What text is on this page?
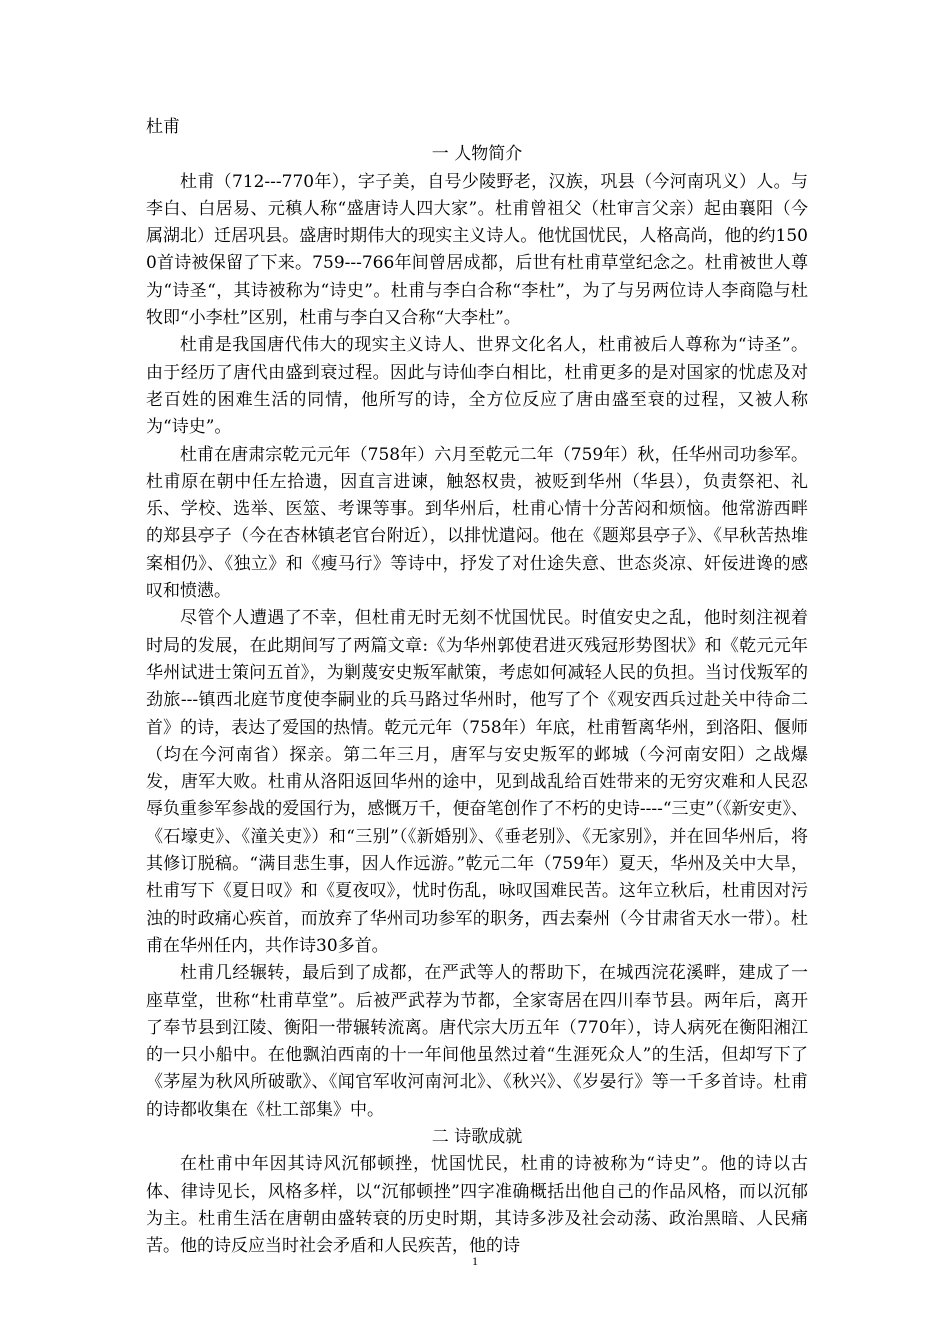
杜甫

一 人物简介

杜甫（712---770年），字子美，自号少陵野老，汉族，巩县（今河南巩义）人。与李白、白居易、元稹人称“盛唐诗人四大家”。杜甫曾祖父（杜审言父亲）起由襄阳（今属湖北）迁居巩县。盛唐时期伟大的现实主义诗人。他忧国忧民，人格高尚，他的约1500首诗被保留了下来。759---766年间曾居成都，后世有杜甫草堂纪念之。杜甫被世人尊为“诗圣“，其诗被称为“诗史”。杜甫与李白合称“李杜”，为了与另两位诗人李商隐与杜牧即“小李杜”区别，杜甫与李白又合称“大李杜”。

杜甫是我国唐代伟大的现实主义诗人、世界文化名人，杜甫被后人尊称为“诗圣”。由于经历了唐代由盛到衰过程。因此与诗仙李白相比，杜甫更多的是对国家的忧虑及对老百姓的困难生活的同情，他所写的诗，全方位反应了唐由盛至衰的过程，又被人称为“诗史”。

杜甫在唐肃宗乾元元年（758年）六月至乾元二年（759年）秋，任华州司功参军。杜甫原在朝中任左拾遗，因直言进谏，触怒权贵，被贬到华州（华县），负责祭祀、礼乐、学校、选举、医筮、考课等事。到华州后，杜甫心情十分苦闷和烦恼。他常游西畔的郑县亭子（今在杏林镇老官台附近），以排忧遣闷。他在《题郑县亭子》、《早秋苦热堆案相仍》、《独立》和《瘦马行》等诗中，抒发了对仕途失意、世态炎凉、奸佞进谗的感叹和愤懑。

尽管个人遭遇了不幸，但杜甫无时无刻不忧国忧民。时值安史之乱，他时刻注视着时局的发展，在此期间写了两篇文章:《为华州郭使君进灭残冠形势图状》和《乾元元年华州试进士策问五首》，为剿蔑安史叛军献策，考虑如何减轻人民的负担。当讨伐叛军的劲旅---镇西北庭节度使李嗣业的兵马路过华州时，他写了个《观安西兵过赴关中待命二首》的诗，表达了爱国的热情。乾元元年（758年）年底，杜甫暂离华州，到洛阳、偃师（均在今河南省）探亲。第二年三月，唐军与安史叛军的邺城（今河南安阳）之战爆发，唐军大败。杜甫从洛阳返回华州的途中，见到战乱给百姓带来的无穷灾难和人民忍辱负重参军参战的爱国行为，感慨万千，便奋笔创作了不朽的史诗----“三吏”（《新安吏》、《石壕吏》、《潼关吏》）和“三别”（《新婚别》、《垂老别》、《无家别》，并在回华州后，将其修订脱稿。“满目悲生事，因人作远游。”乾元二年（759年）夏天，华州及关中大旱，杜甫写下《夏日叹》和《夏夜叹》，忧时伤乱，咏叹国难民苦。这年立秋后，杜甫因对污浊的时政痛心疾首，而放弃了华州司功参军的职务，西去秦州（今甘肃省天水一带）。杜甫在华州任内，共作诗30多首。

杜甫几经辗转，最后到了成都，在严武等人的帮助下，在城西浣花溪畔，建成了一座草堂，世称“杜甫草堂”。后被严武荐为节都，全家寄居在四川奉节县。两年后，离开了奉节县到江陵、衡阳一带辗转流离。唐代宗大历五年（770年），诗人病死在衡阳湘江的一只小船中。在他飘泊西南的十一年间他虽然过着“生涯死众人”的生活，但却写下了《茅屋为秋风所破歌》、《闻官军收河南河北》、《秋兴》、《岁晏行》等一千多首诗。杜甫的诗都收集在《杜工部集》中。

二 诗歌成就

在杜甫中年因其诗风沉郁顿挫，忧国忧民，杜甫的诗被称为“诗史”。他的诗以古体、律诗见长，风格多样，以“沉郁顿挫”四字准确概括出他自己的作品风格，而以沉郁为主。杜甫生活在唐朝由盛转衰的历史时期，其诗多涉及社会动荡、政治黑暗、人民痛苦。他的诗反应当时社会矛盾和人民疾苦，他的诗

1
